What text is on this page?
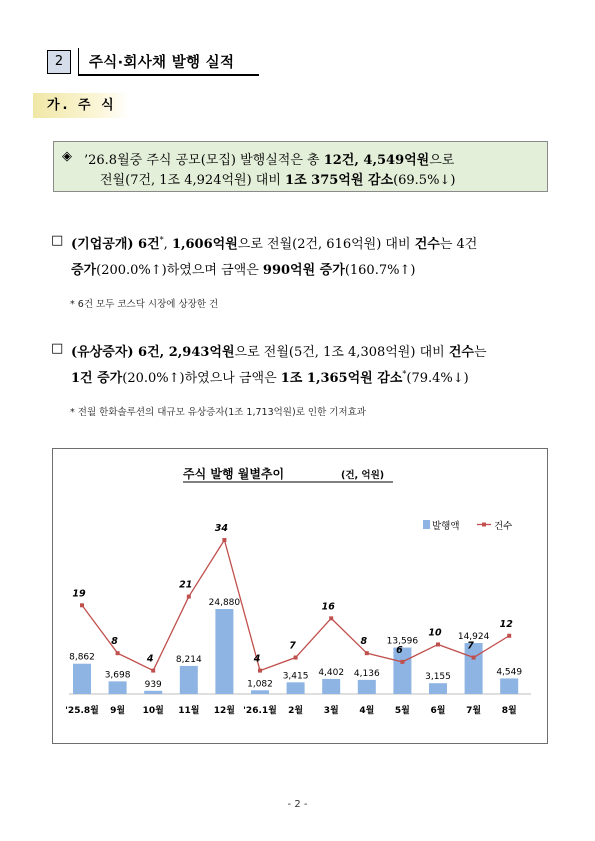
2	주식·회사채 발행 실적
가. 주 식
◈ ’26.8월중 주식 공모(모집) 발행실적은 총 12건, 4,549억원으로
전월(7건, 1조 4,924억원) 대비 1조 375억원 감소(69.5%↓)
□ (기업공개) 6건*, 1,606억원으로 전월(2건, 616억원) 대비 건수는 4건
증가(200.0%↑)하였으며 금액은 990억원 증가(160.7%↑)
* 6건 모두 코스닥 시장에 상장한 건
□ (유상증자) 6건, 2,943억원으로 전월(5건, 1조 4,308억원) 대비 건수는
1건 증가(20.0%↑)하였으나 금액은 1조 1,365억원 감소*(79.4%↓)
* 전월 한화솔루션의 대규모 유상증자(1조 1,713억원)로 인한 기저효과
주식 발행 월별추이	(건, 억원)
발행액	건수
8,862
'25.8월
3,698
9월
939
10월
8,214
11월
24,880
12월
1,082
'26.1월
3,415
2월
4,402
3월
4,136
4월
13,596
5월
3,155
6월
14,924
7월
4,549
8월
19
8
4
21
34
4
7
16
8
6
10
7
12
- 2 -
